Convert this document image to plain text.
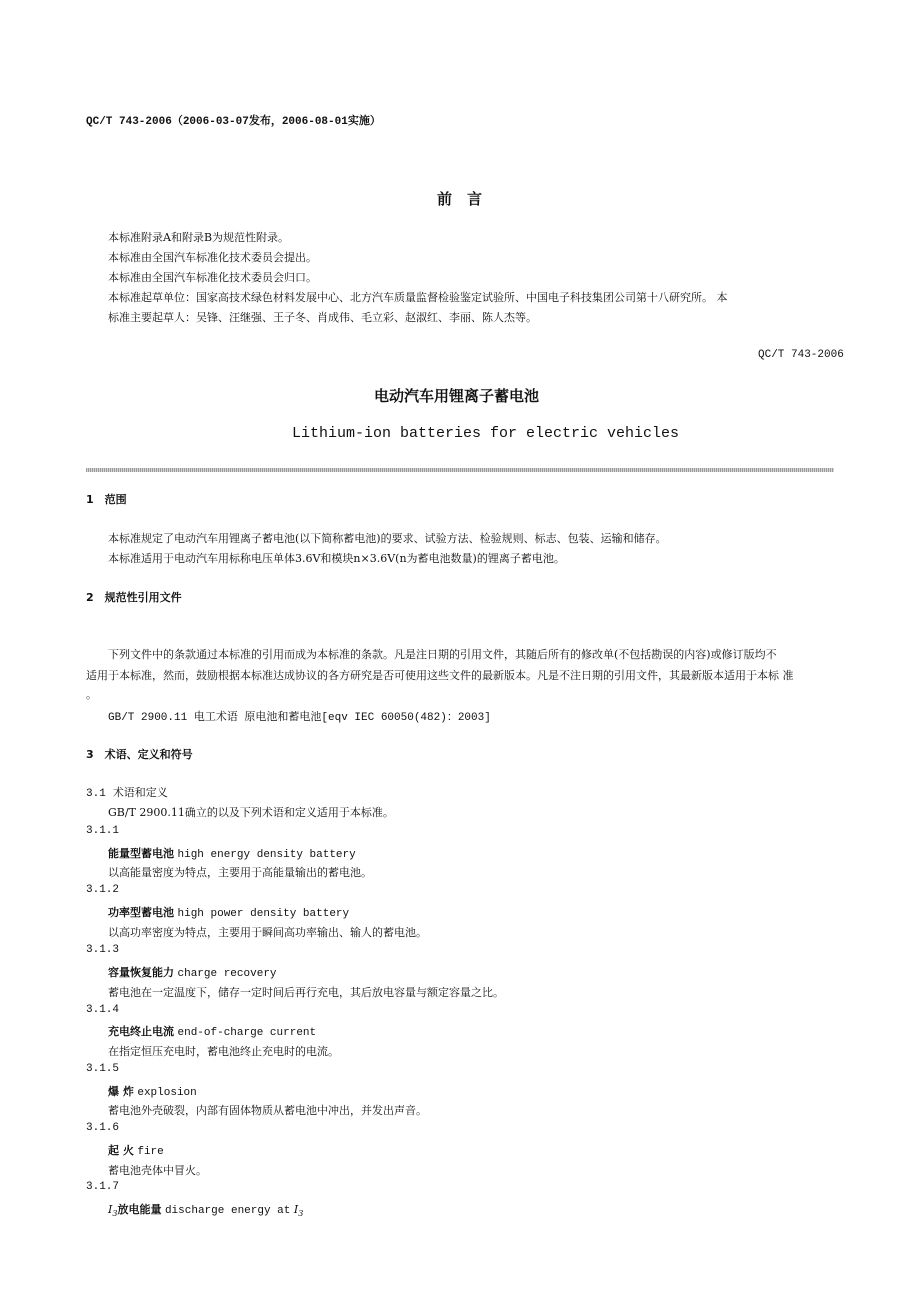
QC/T 743-2006（2006-03-07发布，2006-08-01实施）
前　言
本标准附录A和附录B为规范性附录。
本标准由全国汽车标准化技术委员会提出。
本标准由全国汽车标准化技术委员会归口。
本标准起草单位：国家高技术绿色材料发展中心、北方汽车质量监督检验鉴定试验所、中国电子科技集团公司第十八研究所。 本
标准主要起草人：吴锋、汪继强、王子冬、肖成伟、毛立彩、赵淑红、李丽、陈人杰等。
QC/T 743-2006
电动汽车用锂离子蓄电池
Lithium-ion batteries for electric vehicles
1　范围
本标准规定了电动汽车用锂离子蓄电池(以下简称蓄电池)的要求、试验方法、检验规则、标志、包装、运输和储存。
本标准适用于电动汽车用标称电压单体3.6V和模块n×3.6V(n为蓄电池数量)的锂离子蓄电池。
2　规范性引用文件
下列文件中的条款通过本标准的引用而成为本标准的条款。凡是注日期的引用文件，其随后所有的修改单(不包括勘误的内容)或修订版均不
适用于本标准，然而，鼓励根据本标准达成协议的各方研究是否可使用这些文件的最新版本。凡是不注日期的引用文件，其最新版本适用于本标 准
。
GB/T 2900.11 电工术语 原电池和蓄电池[eqv IEC 60050(482)：2003]
3　术语、定义和符号
3.1 术语和定义
GB/T 2900.11确立的以及下列术语和定义适用于本标准。
3.1.1
能量型蓄电池 high energy density battery
以高能量密度为特点，主要用于高能量输出的蓄电池。
3.1.2
功率型蓄电池 high power density battery
以高功率密度为特点，主要用于瞬间高功率输出、输人的蓄电池。
3.1.3
容量恢复能力 charge recovery
蓄电池在一定温度下，储存一定时间后再行充电，其后放电容量与额定容量之比。
3.1.4
充电终止电流 end-of-charge current
在指定恒压充电时，蓄电池终止充电时的电流。
3.1.5
爆 炸 explosion
蓄电池外壳破裂，内部有固体物质从蓄电池中冲出，并发出声音。
3.1.6
起 火 fire
蓄电池壳体中冒火。
3.1.7
$I_3$放电能量 discharge energy at $I_3$
